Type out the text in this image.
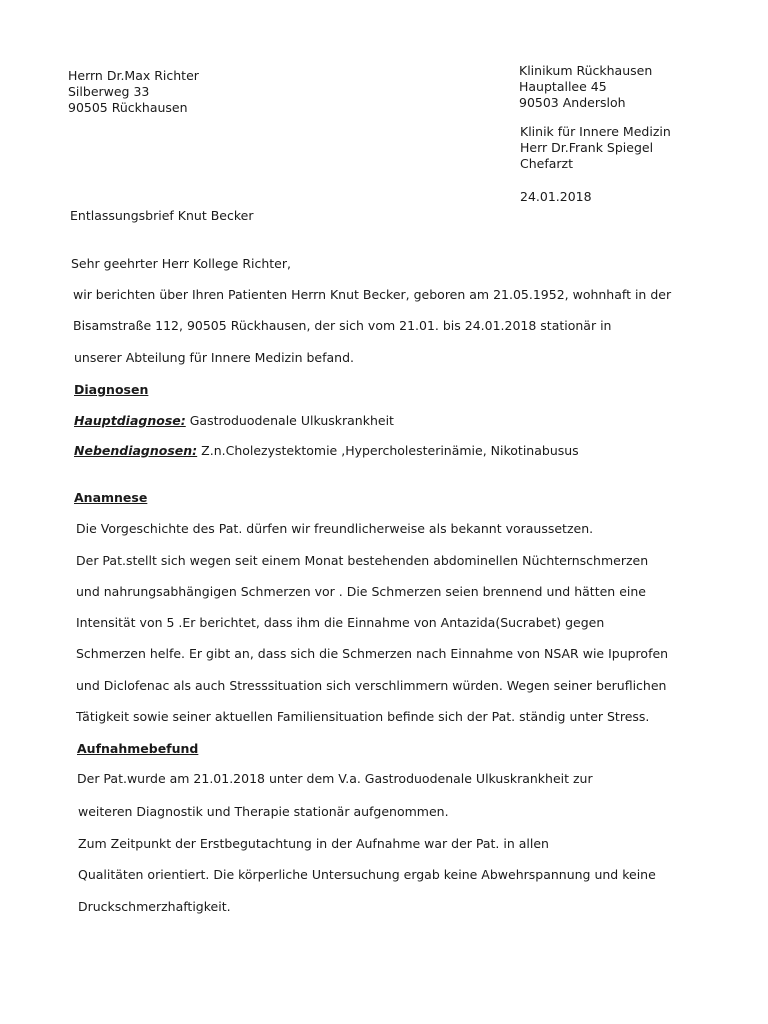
Herrn Dr.Max Richter
Silberweg 33
90505 Rückhausen
Klinikum Rückhausen
Hauptallee 45
90503 Andersloh
Klinik für Innere Medizin
Herr Dr.Frank Spiegel
Chefarzt
24.01.2018
Entlassungsbrief Knut Becker
Sehr geehrter Herr Kollege Richter,
wir berichten über Ihren Patienten Herrn Knut Becker, geboren am 21.05.1952, wohnhaft in der
Bisamstraße 112, 90505 Rückhausen, der sich vom 21.01. bis 24.01.2018 stationär in
unserer Abteilung für Innere Medizin befand.
Diagnosen
Hauptdiagnose: Gastroduodenale Ulkuskrankheit
Nebendiagnosen: Z.n.Cholezystektomie ,Hypercholesterinämie, Nikotinabusus
Anamnese
Die Vorgeschichte des Pat. dürfen wir freundlicherweise als bekannt voraussetzen.
Der Pat.stellt sich wegen seit einem Monat bestehenden abdominellen Nüchternschmerzen
und nahrungsabhängigen Schmerzen vor . Die Schmerzen seien brennend und hätten eine
Intensität von 5 .Er berichtet, dass ihm die Einnahme von Antazida(Sucrabet) gegen
Schmerzen helfe. Er gibt an, dass sich die Schmerzen nach Einnahme von NSAR wie Ipuprofen
und Diclofenac als auch Stresssituation sich verschlimmern würden. Wegen seiner beruflichen
Tätigkeit sowie seiner aktuellen Familiensituation befinde sich der Pat. ständig unter Stress.
Aufnahmebefund
Der Pat.wurde am 21.01.2018 unter dem V.a. Gastroduodenale Ulkuskrankheit zur
weiteren Diagnostik und Therapie stationär aufgenommen.
Zum Zeitpunkt der Erstbegutachtung in der Aufnahme war der Pat. in allen
Qualitäten orientiert. Die körperliche Untersuchung ergab keine Abwehrspannung und keine
Druckschmerzhaftigkeit.
